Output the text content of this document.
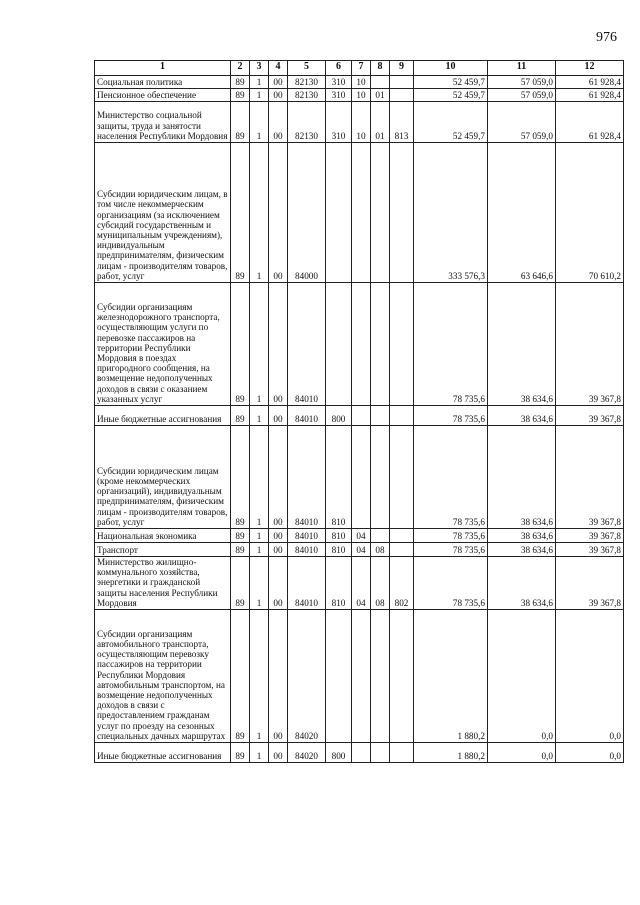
976
1	2	3	4	5	6	7	8	9	10	11	12
Социальная политика	89	1	00	82130	310	10			52 459,7	57 059,0	61 928,4
Пенсионное обеспечение	89	1	00	82130	310	10	01		52 459,7	57 059,0	61 928,4
Министерство социальной защиты, труда и занятости населения Республики Мордовия	89	1	00	82130	310	10	01	813	52 459,7	57 059,0	61 928,4
Субсидии юридическим лицам, в том числе некоммерческим организациям (за исключением субсидий государственным и муниципальным учреждениям), индивидуальным предпринимателям, физическим лицам - производителям товаров, работ, услуг	89	1	00	84000					333 576,3	63 646,6	70 610,2
Субсидии организациям железнодорожного транспорта, осуществляющим услуги по перевозке пассажиров на территории Республики Мордовия в поездах пригородного сообщения, на возмещение недополученных доходов в связи с оказанием указанных услуг	89	1	00	84010					78 735,6	38 634,6	39 367,8
Иные бюджетные ассигнования	89	1	00	84010	800				78 735,6	38 634,6	39 367,8
Субсидии юридическим лицам (кроме некоммерческих организаций), индивидуальным предпринимателям, физическим лицам - производителям товаров, работ, услуг	89	1	00	84010	810				78 735,6	38 634,6	39 367,8
Национальная экономика	89	1	00	84010	810	04			78 735,6	38 634,6	39 367,8
Транспорт	89	1	00	84010	810	04	08		78 735,6	38 634,6	39 367,8
Министерство жилищно-коммунального хозяйства, энергетики и гражданской защиты населения Республики Мордовия	89	1	00	84010	810	04	08	802	78 735,6	38 634,6	39 367,8
Субсидии организациям автомобильного транспорта, осуществляющим перевозку пассажиров на территории Республики Мордовия автомобильным транспортом, на возмещение недополученных доходов в связи с предоставлением гражданам услуг по проезду на сезонных специальных дачных маршрутах	89	1	00	84020					1 880,2	0,0	0,0
Иные бюджетные ассигнования	89	1	00	84020	800				1 880,2	0,0	0,0
